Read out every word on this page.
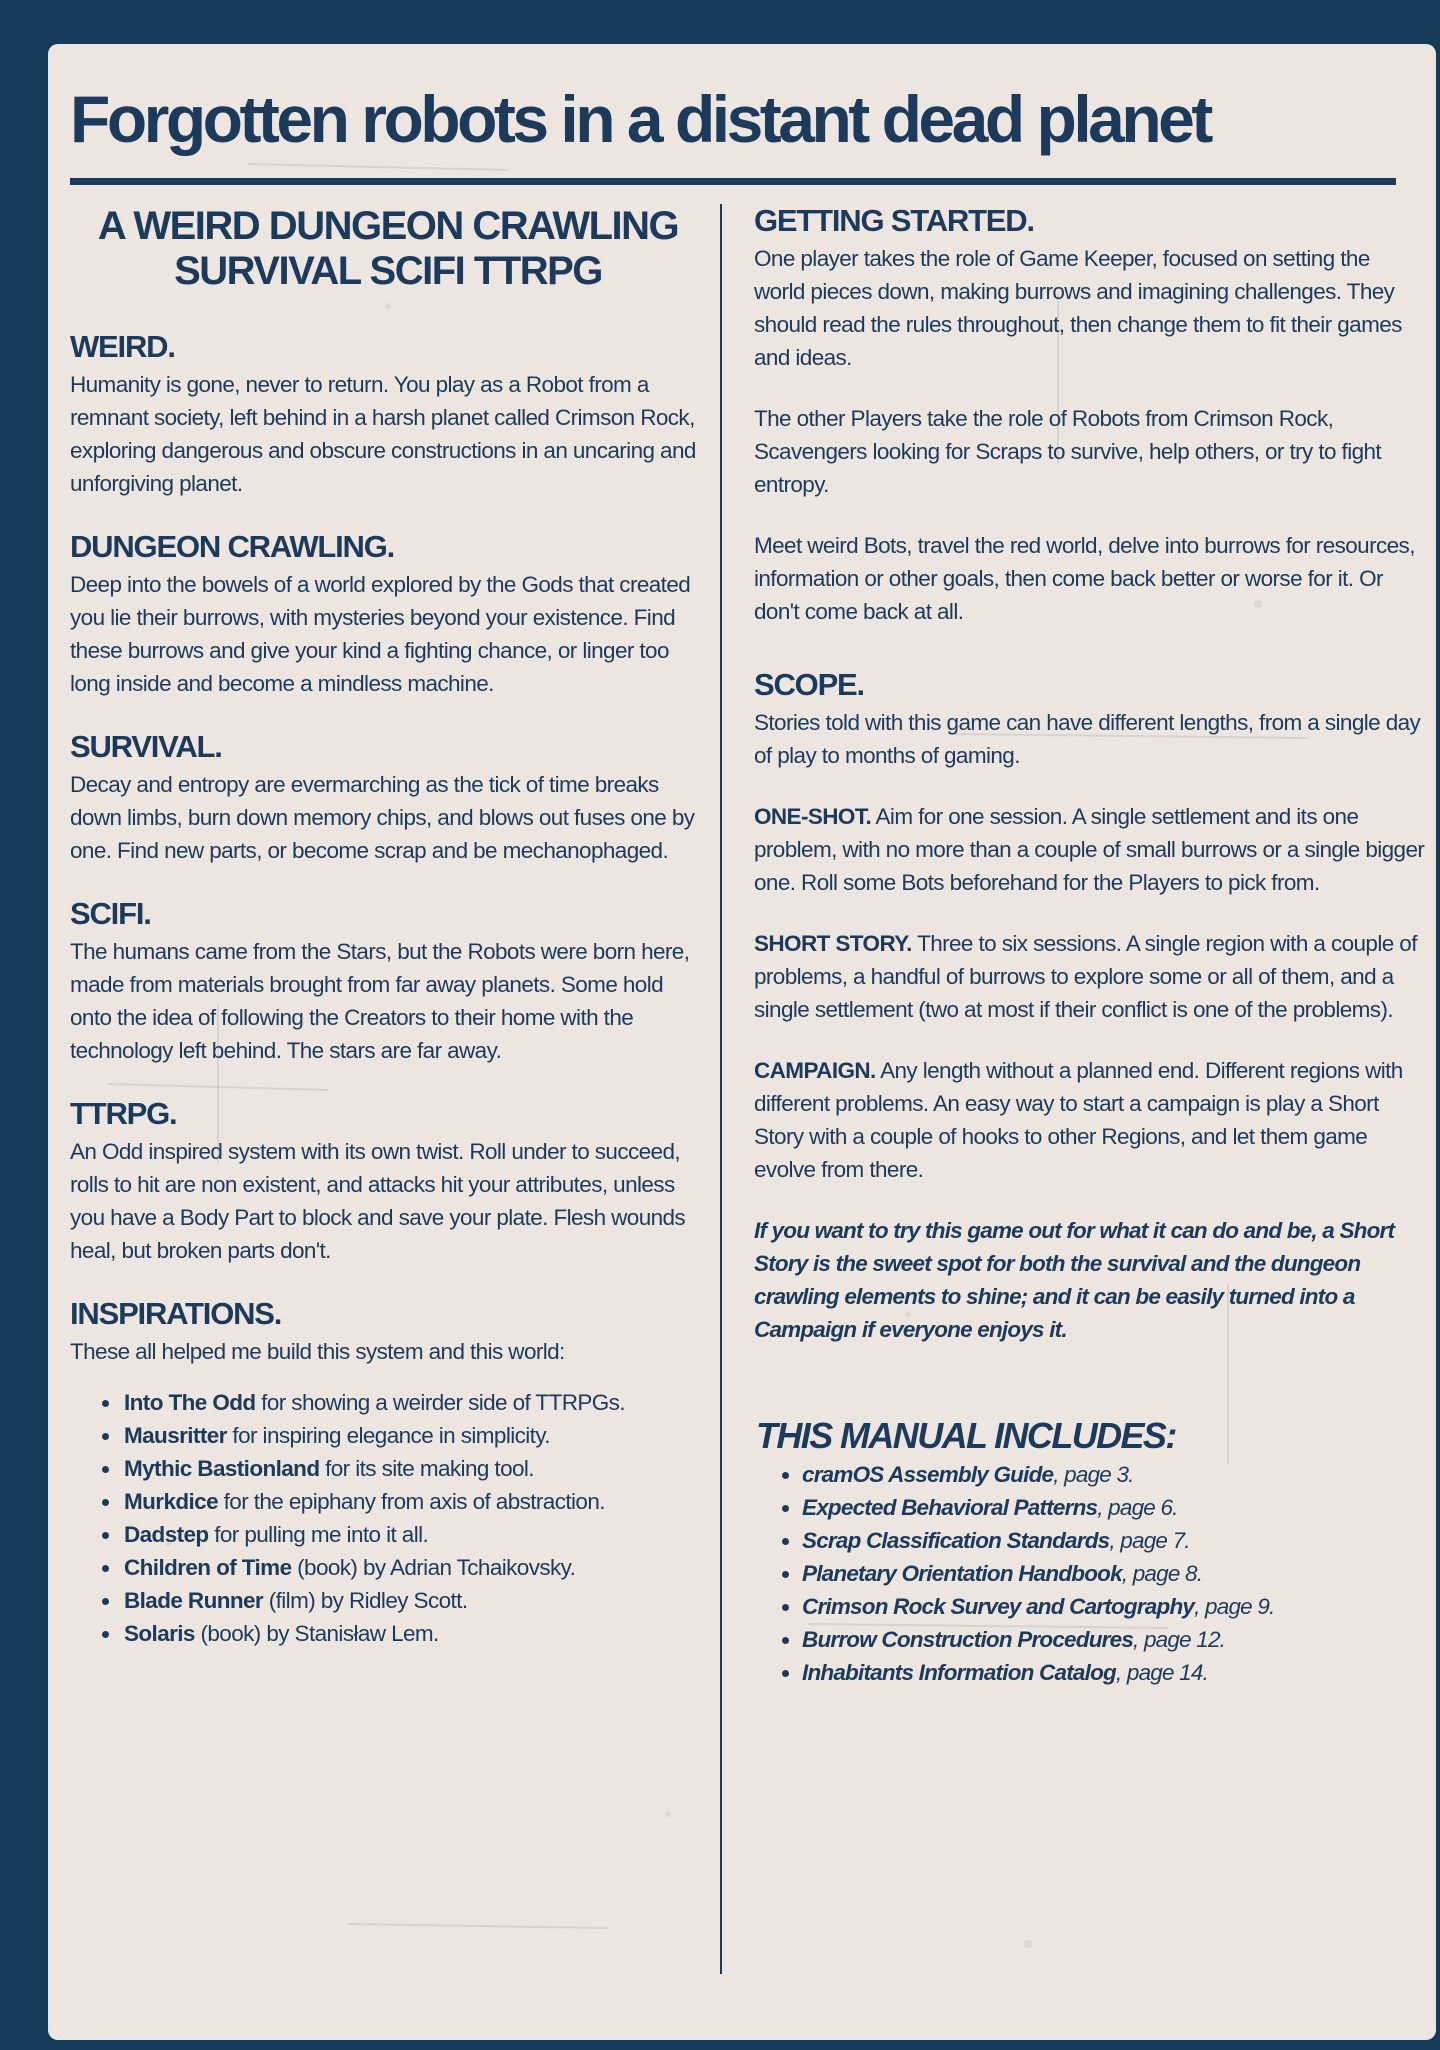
Forgotten robots in a distant dead planet
A WEIRD DUNGEON CRAWLING
SURVIVAL SCIFI TTRPG
WEIRD.

Humanity is gone, never to return. You play as a Robot from a remnant society, left behind in a harsh planet called Crimson Rock, exploring dangerous and obscure constructions in an uncaring and unforgiving planet.

DUNGEON CRAWLING.

Deep into the bowels of a world explored by the Gods that created you lie their burrows, with mysteries beyond your existence. Find these burrows and give your kind a fighting chance, or linger too long inside and become a mindless machine.

SURVIVAL.

Decay and entropy are evermarching as the tick of time breaks down limbs, burn down memory chips, and blows out fuses one by one. Find new parts, or become scrap and be mechanophaged.

SCIFI.

The humans came from the Stars, but the Robots were born here, made from materials brought from far away planets. Some hold onto the idea of following the Creators to their home with the technology left behind. The stars are far away.

TTRPG.

An Odd inspired system with its own twist. Roll under to succeed, rolls to hit are non existent, and attacks hit your attributes, unless you have a Body Part to block and save your plate. Flesh wounds heal, but broken parts don't.

INSPIRATIONS.

These all helped me build this system and this world:

• Into The Odd for showing a weirder side of TTRPGs.
• Mausritter for inspiring elegance in simplicity.
• Mythic Bastionland for its site making tool.
• Murkdice for the epiphany from axis of abstraction.
• Dadstep for pulling me into it all.
• Children of Time (book) by Adrian Tchaikovsky.
• Blade Runner (film) by Ridley Scott.
• Solaris (book) by Stanisław Lem.
GETTING STARTED.

One player takes the role of Game Keeper, focused on setting the world pieces down, making burrows and imagining challenges. They should read the rules throughout, then change them to fit their games and ideas.

The other Players take the role of Robots from Crimson Rock, Scavengers looking for Scraps to survive, help others, or try to fight entropy.

Meet weird Bots, travel the red world, delve into burrows for resources, information or other goals, then come back better or worse for it. Or don't come back at all.

SCOPE.

Stories told with this game can have different lengths, from a single day of play to months of gaming.

ONE-SHOT. Aim for one session. A single settlement and its one problem, with no more than a couple of small burrows or a single bigger one. Roll some Bots beforehand for the Players to pick from.

SHORT STORY. Three to six sessions. A single region with a couple of problems, a handful of burrows to explore some or all of them, and a single settlement (two at most if their conflict is one of the problems).

CAMPAIGN. Any length without a planned end. Different regions with different problems. An easy way to start a campaign is play a Short Story with a couple of hooks to other Regions, and let them game evolve from there.

If you want to try this game out for what it can do and be, a Short Story is the sweet spot for both the survival and the dungeon crawling elements to shine; and it can be easily turned into a Campaign if everyone enjoys it.

THIS MANUAL INCLUDES:
• cramOS Assembly Guide, page 3.
• Expected Behavioral Patterns, page 6.
• Scrap Classification Standards, page 7.
• Planetary Orientation Handbook, page 8.
• Crimson Rock Survey and Cartography, page 9.
• Burrow Construction Procedures, page 12.
• Inhabitants Information Catalog, page 14.
